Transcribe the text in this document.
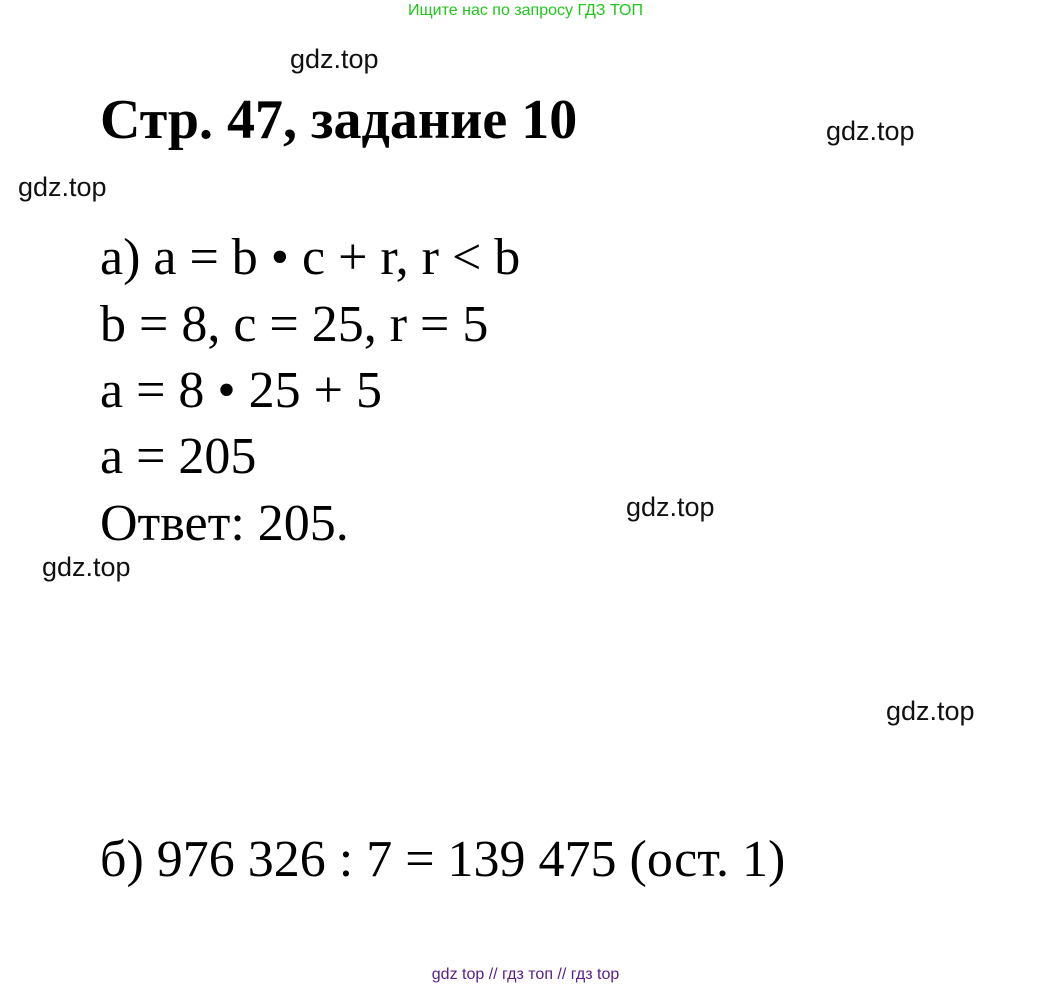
Ищите нас по запросу ГДЗ ТОП
gdz.top
gdz.top
gdz.top
gdz.top
gdz.top
gdz.top
Стр. 47, задание 10
а) a = b • c + r, r < b
b = 8, c = 25, r = 5
a = 8 • 25 + 5
a = 205
Ответ: 205.
б) 976 326 : 7 = 139 475 (ост. 1)
gdz top // гдз топ // гдз top
